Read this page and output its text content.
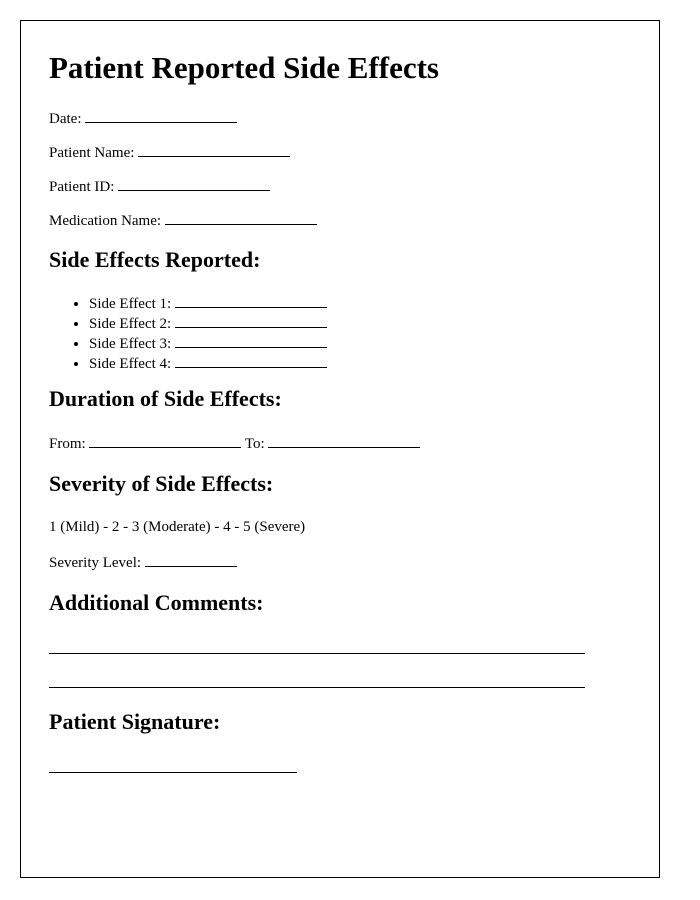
Patient Reported Side Effects
Date:
Patient Name:
Patient ID:
Medication Name:
Side Effects Reported:
• Side Effect 1:
• Side Effect 2:
• Side Effect 3:
• Side Effect 4:
Duration of Side Effects:
From:	To:
Severity of Side Effects:
1 (Mild) - 2 - 3 (Moderate) - 4 - 5 (Severe)
Severity Level:
Additional Comments:
Patient Signature:
